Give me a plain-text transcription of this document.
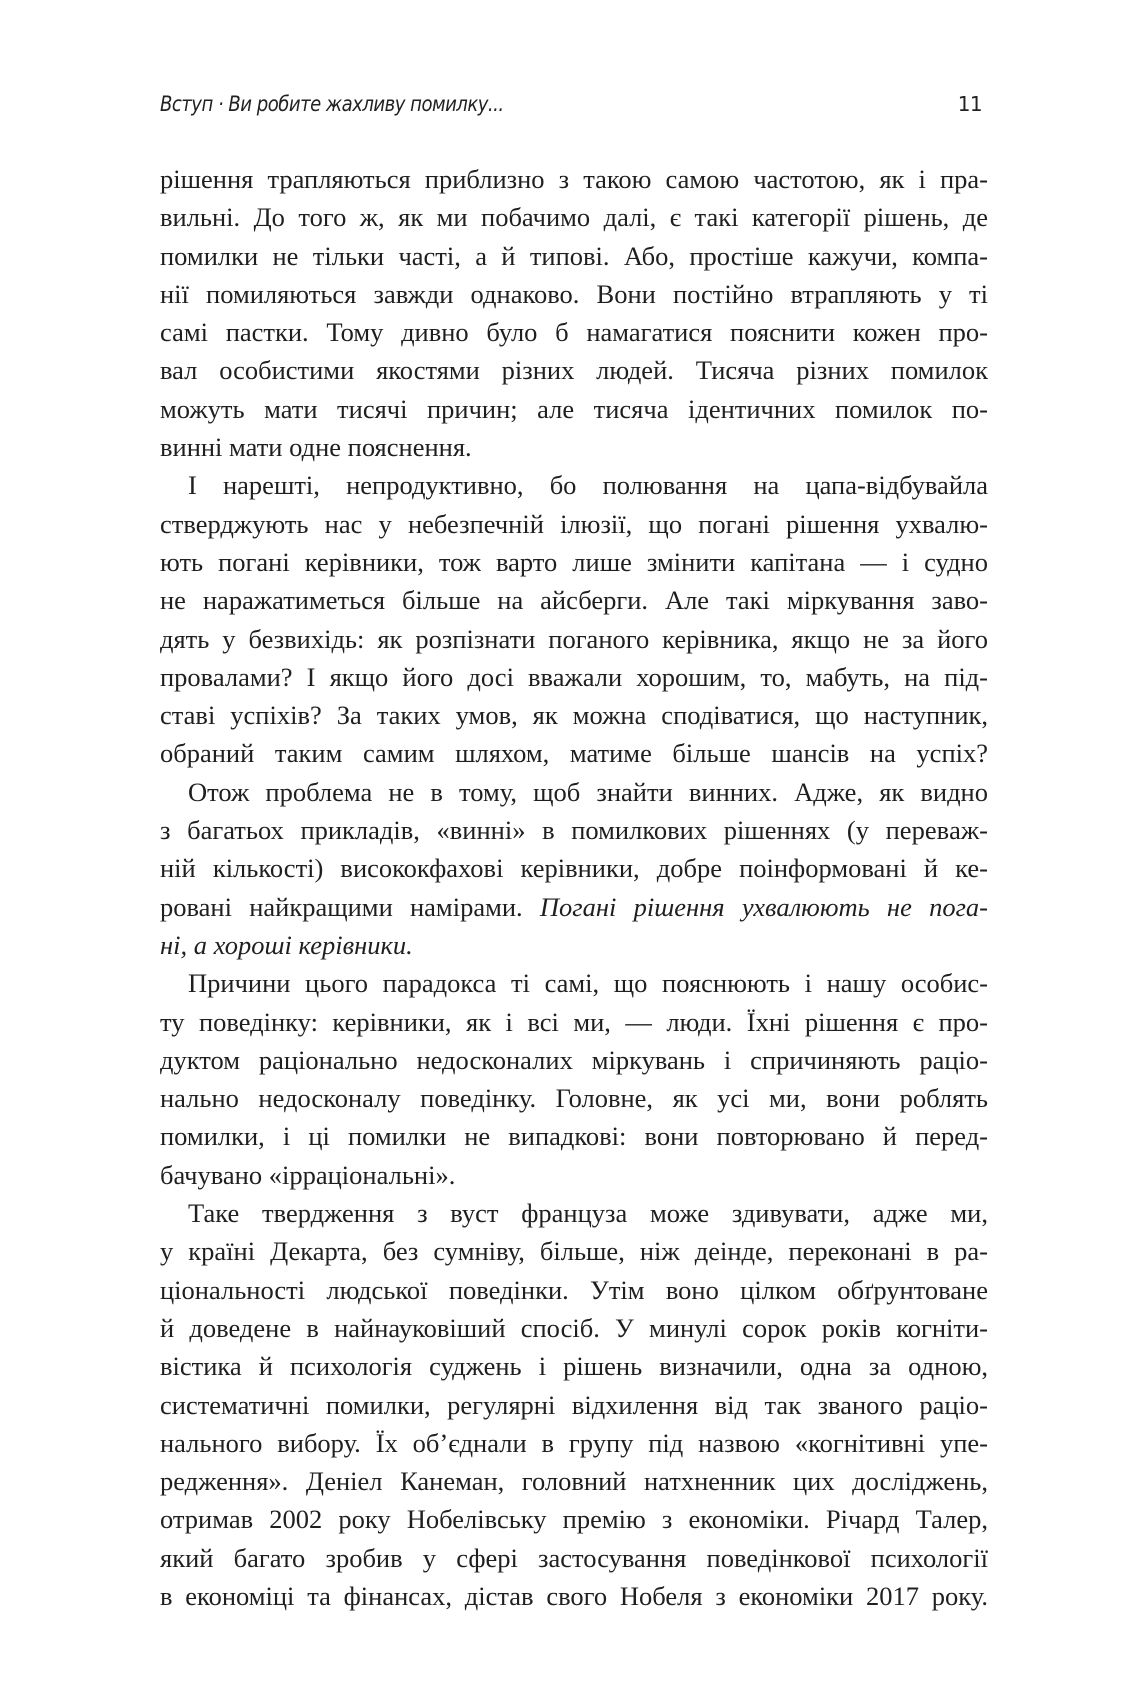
Вступ · Ви робите жахливу помилку...	11
рішення трапляються приблизно з такою самою частотою, як і пра-
вильні. До того ж, як ми побачимо далі, є такі категорії рішень, де
помилки не тільки часті, а й типові. Або, простіше кажучи, компа-
нії помиляються завжди однаково. Вони постійно втрапляють у ті
самі пастки. Тому дивно було б намагатися пояснити кожен про-
вал особистими якостями різних людей. Тисяча різних помилок
можуть мати тисячі причин; але тисяча ідентичних помилок по-
винні мати одне пояснення.
І нарешті, непродуктивно, бо полювання на цапа-відбувайла
стверджують нас у небезпечній ілюзії, що погані рішення ухвалю-
ють погані керівники, тож варто лише змінити капітана — і судно
не наражатиметься більше на айсберги. Але такі міркування заво-
дять у безвихідь: як розпізнати поганого керівника, якщо не за його
провалами? І якщо його досі вважали хорошим, то, мабуть, на під-
ставі успіхів? За таких умов, як можна сподіватися, що наступник,
обраний таким самим шляхом, матиме більше шансів на успіх?
Отож проблема не в тому, щоб знайти винних. Адже, як видно
з багатьох прикладів, «винні» в помилкових рішеннях (у перевaж-
ній кількості) висококфахові керівники, добре поінформовані й ке-
ровані найкращими намірами. Погані рішення ухвалюють не пога-
ні, а хороші керівники.
Причини цього парадокса ті самі, що пояснюють і нашу особис-
ту поведінку: керівники, як і всі ми, — люди. Їхні рішення є про-
дуктом раціонально недосконалих міркувань і спричиняють раціо-
нально недосконалу поведінку. Головне, як усі ми, вони роблять
помилки, і ці помилки не випадкові: вони повторювано й перед-
бачувано «ірраціональні».
Таке твердження з вуст француза може здивувати, адже ми,
у країні Декарта, без сумніву, більше, ніж деінде, переконані в ра-
ціональності людської поведінки. Утім воно цілком обґрунтоване
й доведене в найнауковіший спосіб. У минулі сорок років когніти-
вістика й психологія суджень і рішень визначили, одна за одною,
систематичні помилки, регулярні відхилення від так званого раціо-
нального вибору. Їх об’єднали в групу під назвою «когнітивні упе-
редження». Деніел Канеман, головний натхненник цих досліджень,
отримав 2002 року Нобелівську премію з економіки. Річард Талер,
який багато зробив у сфері застосування поведінкової психології
в економіці та фінансах, дістав свого Нобеля з економіки 2017 року.
